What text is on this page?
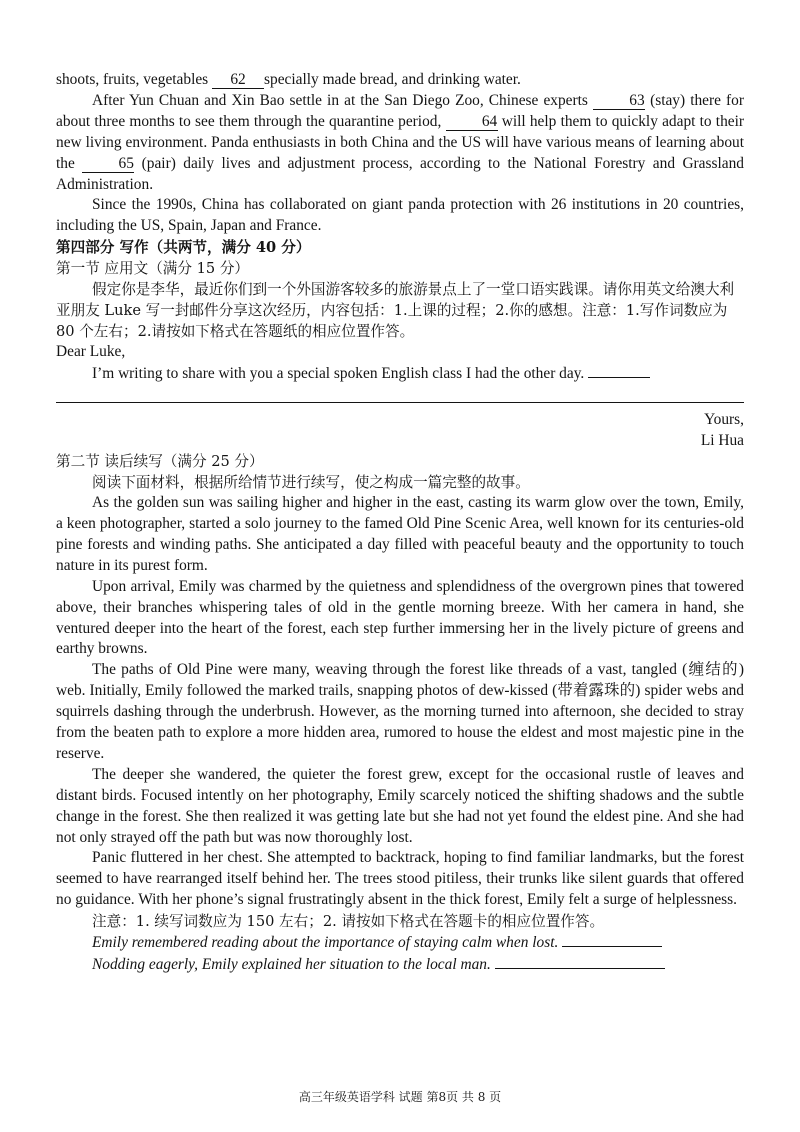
shoots, fruits, vegetables 62 specially made bread, and drinking water.

After Yun Chuan and Xin Bao settle in at the San Diego Zoo, Chinese experts 63 (stay) there for about three months to see them through the quarantine period, 64 will help them to quickly adapt to their new living environment. Panda enthusiasts in both China and the US will have various means of learning about the 65 (pair) daily lives and adjustment process, according to the National Forestry and Grassland Administration.

Since the 1990s, China has collaborated on giant panda protection with 26 institutions in 20 countries, including the US, Spain, Japan and France.

第四部分 写作（共两节，满分 40 分）

第一节 应用文（满分 15 分）

假定你是李华，最近你们到一个外国游客较多的旅游景点上了一堂口语实践课。请你用英文给澳大利亚朋友 Luke 写一封邮件分享这次经历，内容包括：1.上课的过程；2.你的感想。注意：1.写作词数应为 80 个左右；2.请按如下格式在答题纸的相应位置作答。

Dear Luke,

I’m writing to share with you a special spoken English class I had the other day.

Yours,

Li Hua

第二节 读后续写（满分 25 分）

阅读下面材料，根据所给情节进行续写，使之构成一篇完整的故事。

As the golden sun was sailing higher and higher in the east, casting its warm glow over the town, Emily, a keen photographer, started a solo journey to the famed Old Pine Scenic Area, well known for its centuries-old pine forests and winding paths. She anticipated a day filled with peaceful beauty and the opportunity to touch nature in its purest form.

Upon arrival, Emily was charmed by the quietness and splendidness of the overgrown pines that towered above, their branches whispering tales of old in the gentle morning breeze. With her camera in hand, she ventured deeper into the heart of the forest, each step further immersing her in the lively picture of greens and earthy browns.

The paths of Old Pine were many, weaving through the forest like threads of a vast, tangled (缠结的) web. Initially, Emily followed the marked trails, snapping photos of dew-kissed (带着露珠的) spider webs and squirrels dashing through the underbrush. However, as the morning turned into afternoon, she decided to stray from the beaten path to explore a more hidden area, rumored to house the eldest and most majestic pine in the reserve.

The deeper she wandered, the quieter the forest grew, except for the occasional rustle of leaves and distant birds. Focused intently on her photography, Emily scarcely noticed the shifting shadows and the subtle change in the forest. She then realized it was getting late but she had not yet found the eldest pine. And she had not only strayed off the path but was now thoroughly lost.

Panic fluttered in her chest. She attempted to backtrack, hoping to find familiar landmarks, but the forest seemed to have rearranged itself behind her. The trees stood pitiless, their trunks like silent guards that offered no guidance. With her phone’s signal frustratingly absent in the thick forest, Emily felt a surge of helplessness.

注意：1. 续写词数应为 150 左右；2. 请按如下格式在答题卡的相应位置作答。

Emily remembered reading about the importance of staying calm when lost.

Nodding eagerly, Emily explained her situation to the local man.

高三年级英语学科 试题 第8页 共 8 页
